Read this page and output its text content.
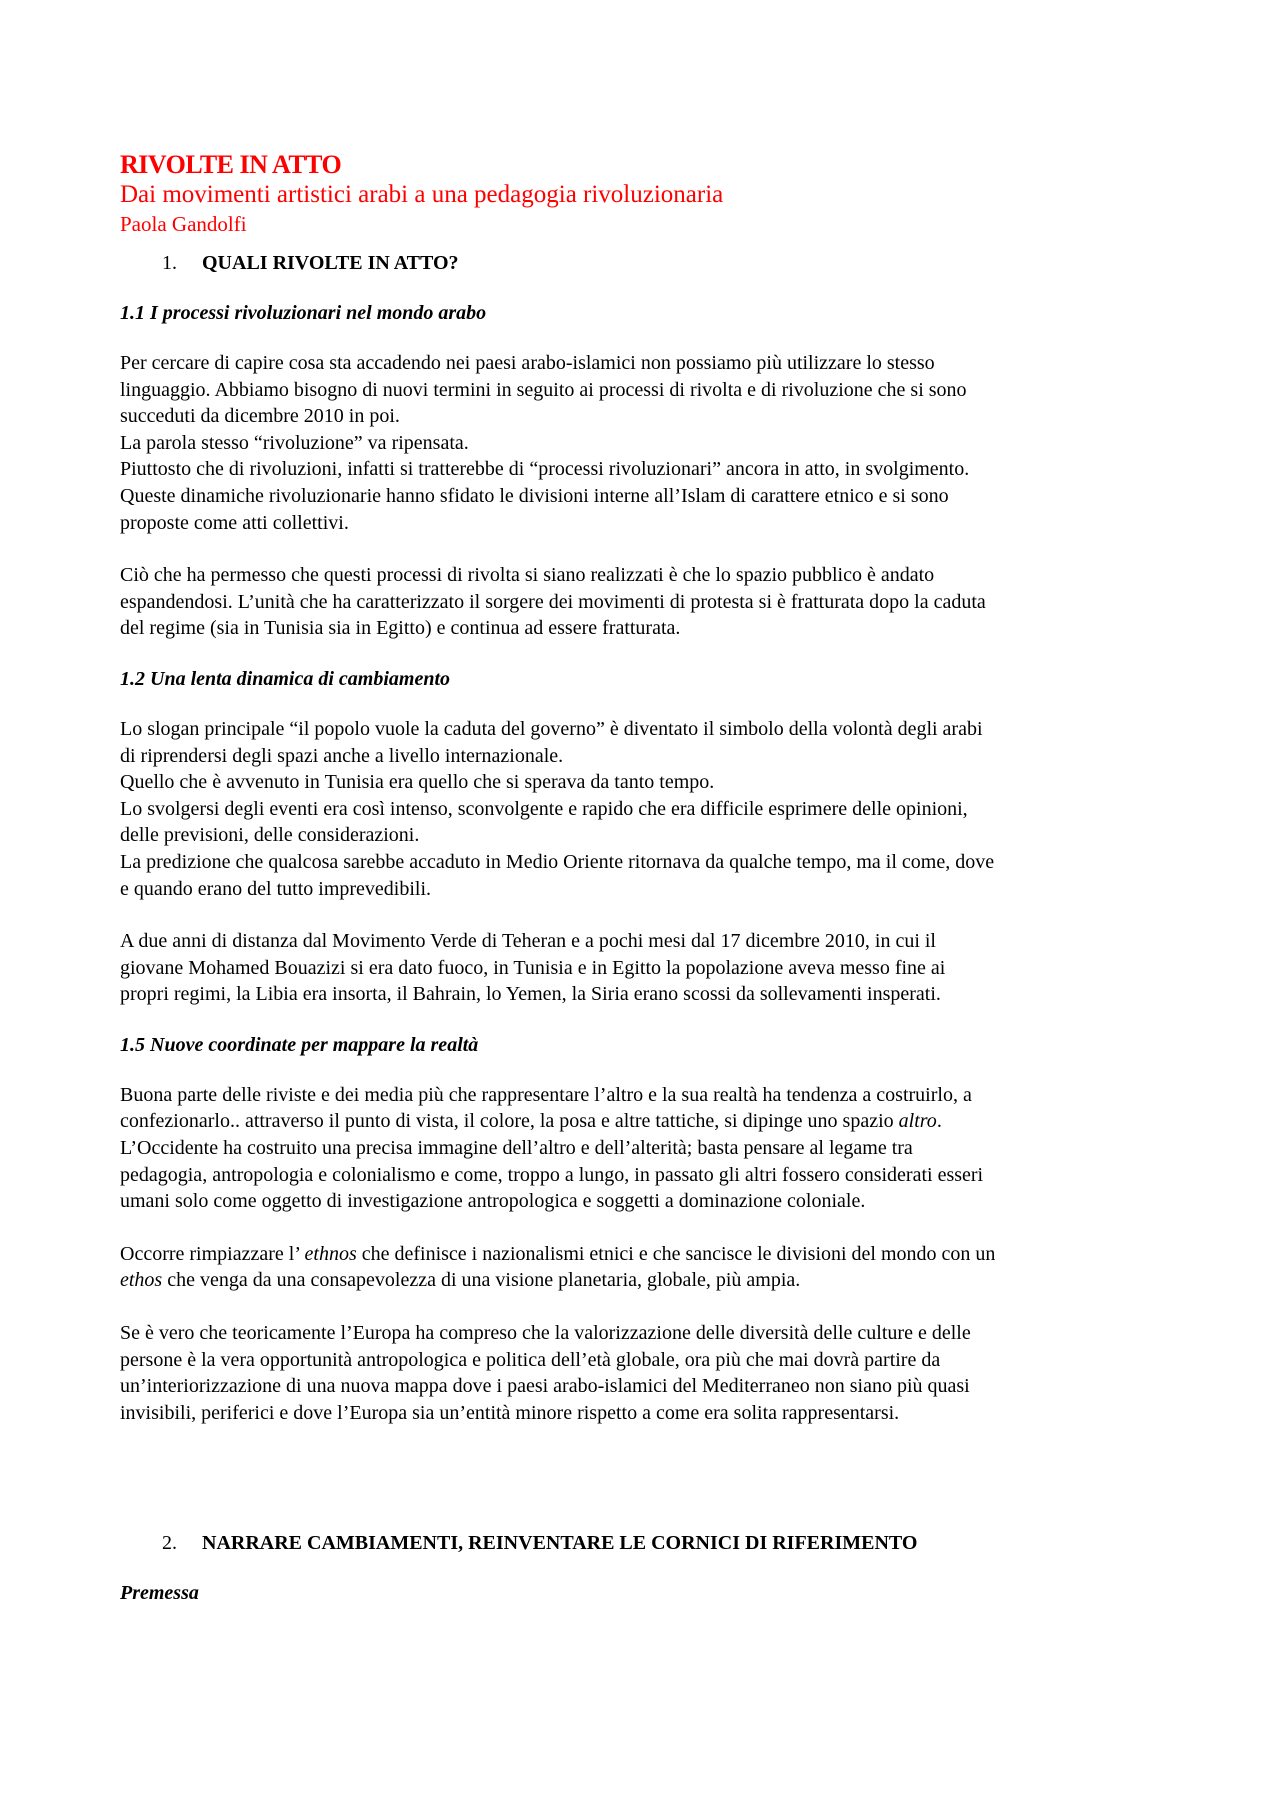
RIVOLTE IN ATTO
Dai movimenti artistici arabi a una pedagogia rivoluzionaria
Paola Gandolfi
1.	QUALI RIVOLTE IN ATTO?
1.1 I processi rivoluzionari nel mondo arabo

Per cercare di capire cosa sta accadendo nei paesi arabo-islamici non possiamo più utilizzare lo stesso
linguaggio. Abbiamo bisogno di nuovi termini in seguito ai processi di rivolta e di rivoluzione che si sono
succeduti da dicembre 2010 in poi.
La parola stesso “rivoluzione” va ripensata.
Piuttosto che di rivoluzioni, infatti si tratterebbe di “processi rivoluzionari” ancora in atto, in svolgimento.
Queste dinamiche rivoluzionarie hanno sfidato le divisioni interne all’Islam di carattere etnico e si sono
proposte come atti collettivi.

Ciò che ha permesso che questi processi di rivolta si siano realizzati è che lo spazio pubblico è andato
espandendosi. L’unità che ha caratterizzato il sorgere dei movimenti di protesta si è fratturata dopo la caduta
del regime (sia in Tunisia sia in Egitto) e continua ad essere fratturata.

1.2 Una lenta dinamica di cambiamento

Lo slogan principale “il popolo vuole la caduta del governo” è diventato il simbolo della volontà degli arabi
di riprendersi degli spazi anche a livello internazionale.
Quello che è avvenuto in Tunisia era quello che si sperava da tanto tempo.
Lo svolgersi degli eventi era così intenso, sconvolgente e rapido che era difficile esprimere delle opinioni,
delle previsioni, delle considerazioni.
La predizione che qualcosa sarebbe accaduto in Medio Oriente ritornava da qualche tempo, ma il come, dove
e quando erano del tutto imprevedibili.

A due anni di distanza dal Movimento Verde di Teheran e a pochi mesi dal 17 dicembre 2010, in cui il
giovane Mohamed Bouazizi si era dato fuoco, in Tunisia e in Egitto la popolazione aveva messo fine ai
propri regimi, la Libia era insorta, il Bahrain, lo Yemen, la Siria erano scossi da sollevamenti insperati.

1.5 Nuove coordinate per mappare la realtà

Buona parte delle riviste e dei media più che rappresentare l’altro e la sua realtà ha tendenza a costruirlo, a
confezionarlo.. attraverso il punto di vista, il colore, la posa e altre tattiche, si dipinge uno spazio altro.
L’Occidente ha costruito una precisa immagine dell’altro e dell’alterità; basta pensare al legame tra
pedagogia, antropologia e colonialismo e come, troppo a lungo, in passato gli altri fossero considerati esseri
umani solo come oggetto di investigazione antropologica e soggetti a dominazione coloniale.

Occorre rimpiazzare l’ ethnos che definisce i nazionalismi etnici e che sancisce le divisioni del mondo con un
ethos che venga da una consapevolezza di una visione planetaria, globale, più ampia.

Se è vero che teoricamente l’Europa ha compreso che la valorizzazione delle diversità delle culture e delle
persone è la vera opportunità antropologica e politica dell’età globale, ora più che mai dovrà partire da
un’interiorizzazione di una nuova mappa dove i paesi arabo-islamici del Mediterraneo non siano più quasi
invisibili, periferici e dove l’Europa sia un’entità minore rispetto a come era solita rappresentarsi.

2.	NARRARE CAMBIAMENTI, REINVENTARE LE CORNICI DI RIFERIMENTO
Premessa
